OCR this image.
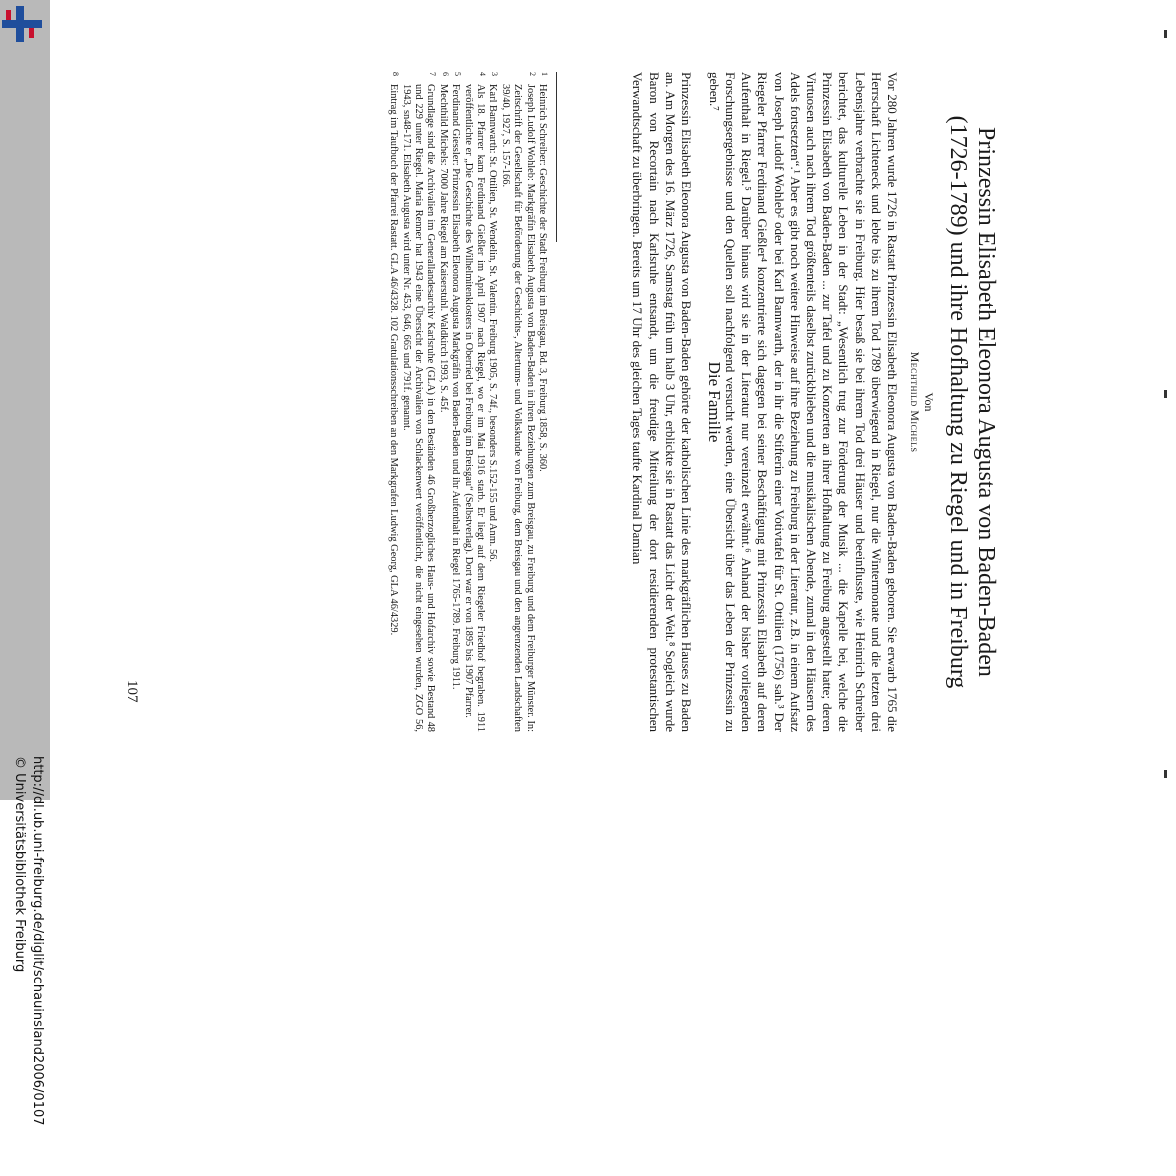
http://dl.ub.uni-freiburg.de/diglit/schauinsland2006/0107
© Universitätsbibliothek Freiburg
Prinzessin Elisabeth Eleonora Augusta von Baden-Baden
(1726-1789) und ihre Hofhaltung zu Riegel und in Freiburg
Von
Mechthild Michels

Vor 280 Jahren wurde 1726 in Rastatt Prinzessin Elisabeth Eleonora Augusta von Baden-Baden geboren. Sie erwarb 1765 die Herrschaft Lichteneck und lebte bis zu ihrem Tod 1789 überwiegend in Riegel, nur die Wintermonate und die letzten drei Lebensjahre verbrachte sie in Freiburg. Hier besaß sie bei ihrem Tod drei Häuser und beeinflusste, wie Heinrich Schreiber berichtet, das kulturelle Leben in der Stadt: „Wesentlich trug zur Förderung der Musik ... die Kapelle bei, welche die Prinzessin Elisabeth von Baden-Baden ... zur Tafel und zu Konzerten an ihrer Hofhaltung zu Freiburg angestellt hatte; deren Virtuosen auch nach ihrem Tod größtenteils daselbst zurückblieben und die musikalischen Abende, zumal in den Häusern des Adels fortsetzten“.¹ Aber es gibt noch weitere Hinweise auf ihre Beziehung zu Freiburg in der Literatur, z.B. in einem Aufsatz von Joseph Ludolf Wohleb² oder bei Karl Bannwarth, der in ihr die Stifterin einer Votivtafel für St. Ottilien (1756) sah.³ Der Riegeler Pfarrer Ferdinand Gießler⁴ konzentrierte sich dagegen bei seiner Beschäftigung mit Prinzessin Elisabeth auf deren Aufenthalt in Riegel.⁵ Darüber hinaus wird sie in der Literatur nur vereinzelt erwähnt.⁶ Anhand der bisher vorliegenden Forschungsergebnisse und den Quellen soll nachfolgend versucht werden, eine Übersicht über das Leben der Prinzessin zu geben.⁷

Die Familie

Prinzessin Elisabeth Eleonora Augusta von Baden-Baden gehörte der katholischen Linie des markgräflichen Hauses zu Baden an. Am Morgen des 16. März 1726, Samstag früh um halb 3 Uhr, erblickte sie in Rastatt das Licht der Welt.⁸ Sogleich wurde Baron von Recortain nach Karlsruhe entsandt, um die freudige Mitteilung der dort residierenden protestantischen Verwandtschaft zu überbringen. Bereits um 17 Uhr des gleichen Tages taufte Kardinal Damian

1
Heinrich Schreiber: Geschichte der Stadt Freiburg im Breisgau, Bd. 3, Freiburg 1858, S. 360.
2
Joseph Ludolf Wohleb: Markgräfin Elisabeth Augusta von Baden-Baden in ihren Beziehungen zum Breisgau, zu Freiburg und dem Freiburger Münster. In: Zeitschrift der Gesellschaft für Beförderung der Geschichts-, Altertums- und Volkskunde von Freiburg, dem Breisgau und den angrenzenden Landschaften 39/40, 1927, S. 157-166.
3
Karl Bannwarth: St. Ottilien, St. Wendelin, St. Valentin. Freiburg 1905, S. 74f., besonders S.152-155 und Anm. 56.
4
Als 18. Pfarrer kam Ferdinand Gießler im April 1907 nach Riegel, wo er im Mai 1916 starb. Er liegt auf dem Riegeler Friedhof begraben. 1911 veröffentlichte er „Die Geschichte des Wilhelmitenklosters in Oberried bei Freiburg im Breisgau“ (Selbstverlag). Dort war er von 1895 bis 1907 Pfarrer.
5
Ferdinand Giessler: Prinzessin Elisabeth Eleonora Augusta Markgräfin von Baden-Baden und ihr Aufenthalt in Riegel 1765-1789. Freiburg 1911.
6
Mechthild Michels: 7000 Jahre Riegel am Kaiserstuhl. Waldkirch 1993, S. 45f.
7
Grundlage sind die Archivalien im Generallandesarchiv Karlsruhe (GLA) in den Beständen 46 Großherzogliches Haus- und Hofarchiv sowie Bestand 48 und 229 unter Riegel. Maria Renner hat 1943 eine Übersicht der Archivalien von Schlackenwert veröffentlicht, die nicht eingesehen wurden, ZGO 56, 1943, sn48-171. Elisabeth Augusta wird unter Nr. 453, 646, 665 und 791f. genannt.
8
Eintrag im Taufbuch der Pfarrei Rastatt. GLA 46/4328. 102 Gratulationsschreiben an den Markgrafen Ludwig Georg, GLA 46/4329.
107
